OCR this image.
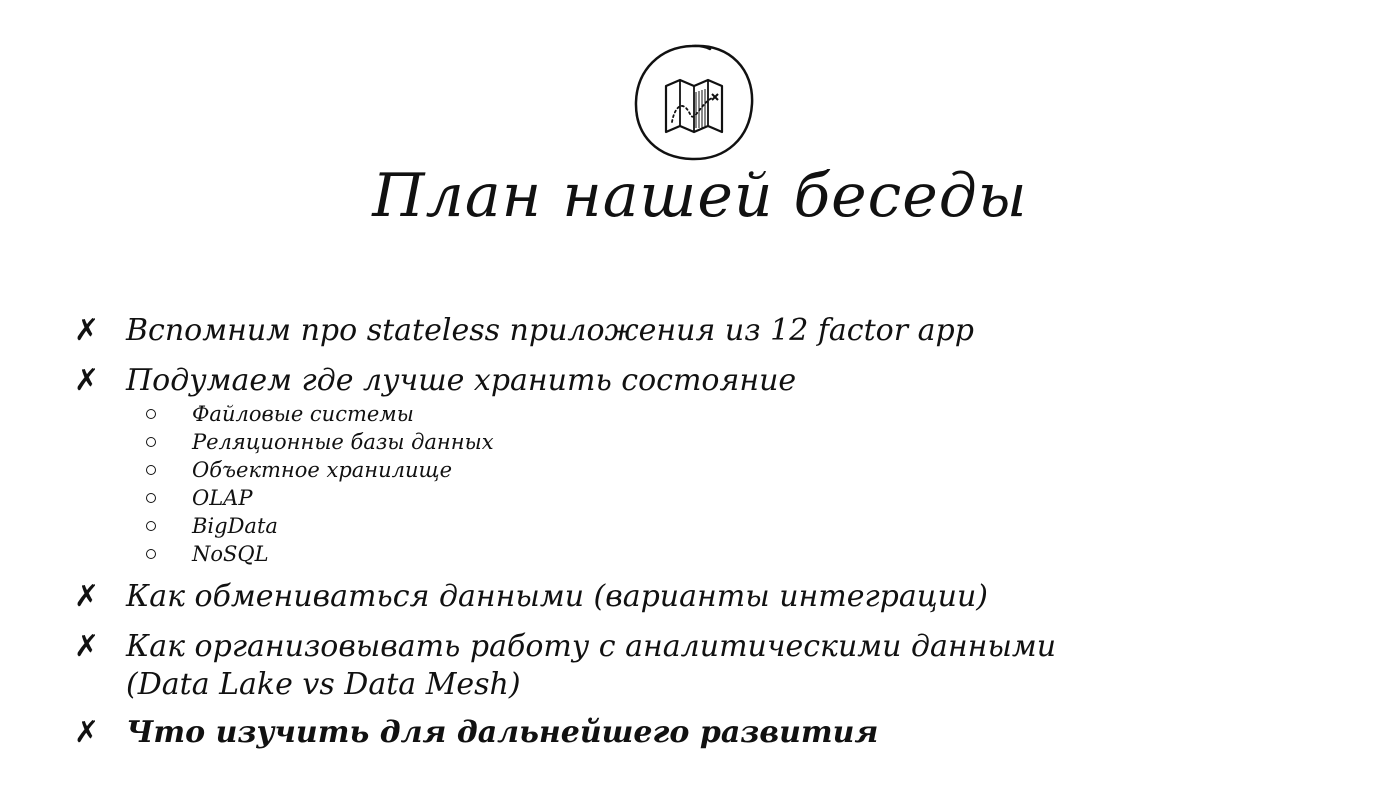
План нашей беседы
✗ Вспомним про stateless приложения из 12 factor app
✗ Подумаем где лучше хранить состояние
Файловые системы
Реляционные базы данных
Объектное хранилище
OLAP
BigData
NoSQL
✗ Как обмениваться данными (варианты интеграции)
✗ Как организовывать работу с аналитическими данными (Data Lake vs Data Mesh)
✗ Что изучить для дальнейшего развития
